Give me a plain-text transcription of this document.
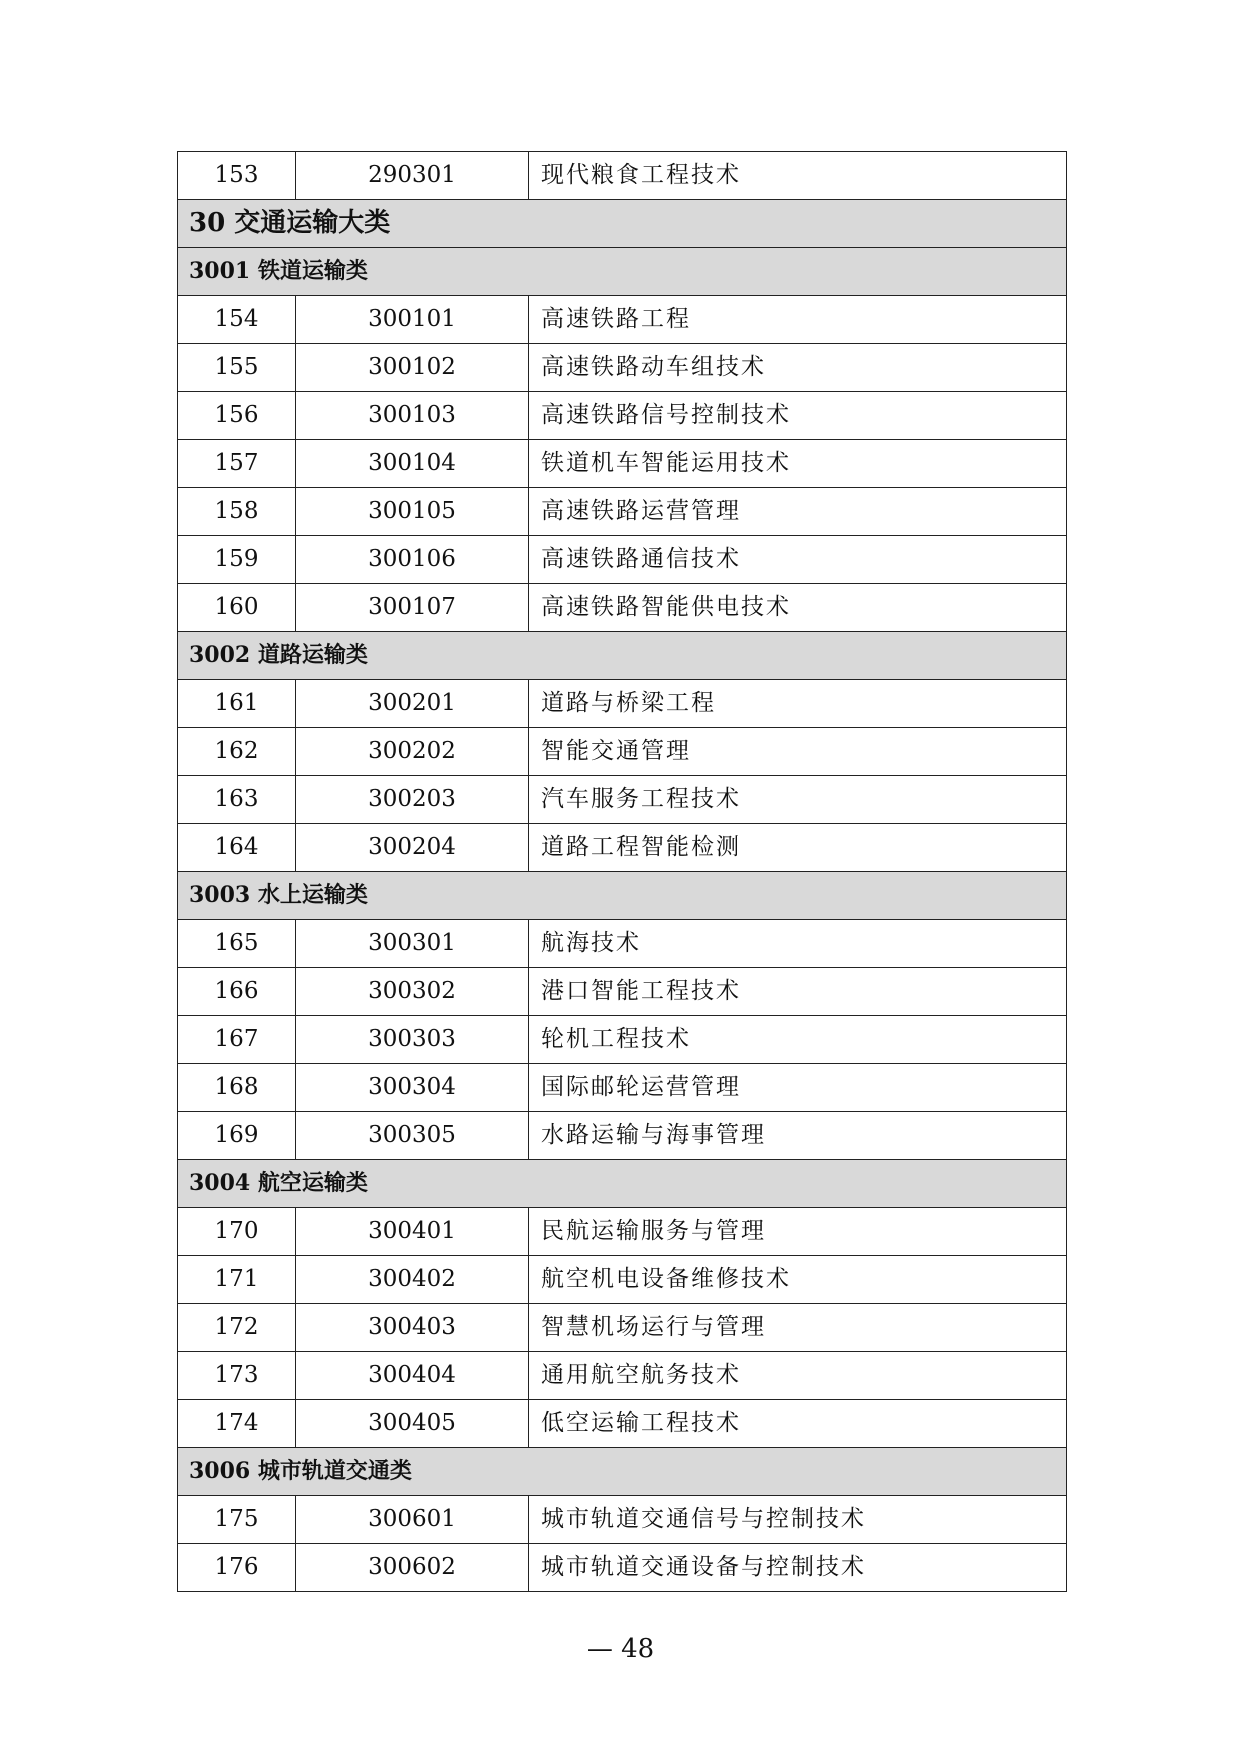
153	290301	现代粮食工程技术
30 交通运输大类		
3001 铁道运输类		
154	300101	高速铁路工程
155	300102	高速铁路动车组技术
156	300103	高速铁路信号控制技术
157	300104	铁道机车智能运用技术
158	300105	高速铁路运营管理
159	300106	高速铁路通信技术
160	300107	高速铁路智能供电技术
3002 道路运输类		
161	300201	道路与桥梁工程
162	300202	智能交通管理
163	300203	汽车服务工程技术
164	300204	道路工程智能检测
3003 水上运输类		
165	300301	航海技术
166	300302	港口智能工程技术
167	300303	轮机工程技术
168	300304	国际邮轮运营管理
169	300305	水路运输与海事管理
3004 航空运输类		
170	300401	民航运输服务与管理
171	300402	航空机电设备维修技术
172	300403	智慧机场运行与管理
173	300404	通用航空航务技术
174	300405	低空运输工程技术
3006 城市轨道交通类		
175	300601	城市轨道交通信号与控制技术
176	300602	城市轨道交通设备与控制技术
— 48
